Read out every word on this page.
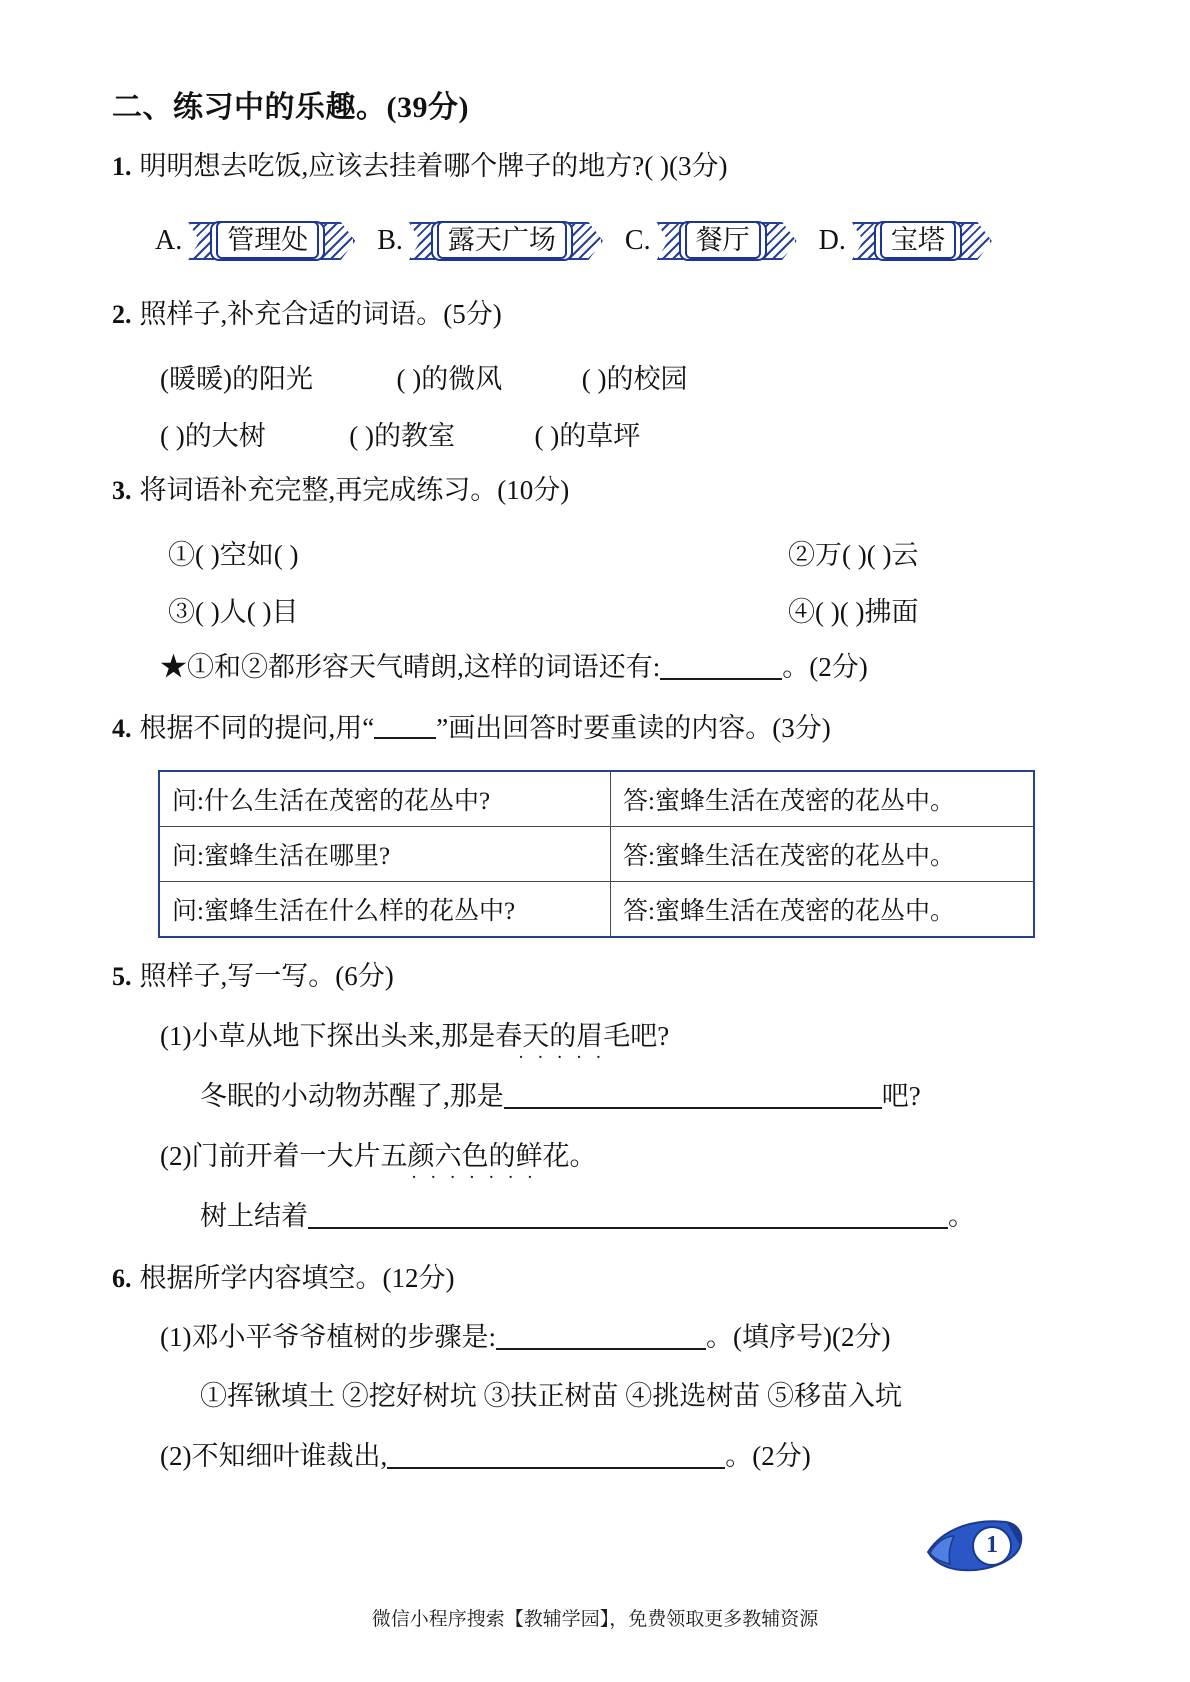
二、练习中的乐趣。(39分)
1. 明明想去吃饭,应该去挂着哪个牌子的地方?( )(3分)
A.	管理处	B.	露天广场	C.	餐厅	D.	宝塔
2. 照样子,补充合适的词语。(5分)
(暖暖)的阳光	( )的微风	( )的校园
( )的大树	( )的教室	( )的草坪
3. 将词语补充完整,再完成练习。(10分)
①( )空如( )	②万( )( )云
③( )人( )目	④( )( )拂面
★①和②都形容天气晴朗,这样的词语还有:	。(2分)
4. 根据不同的提问,用“ ”画出回答时要重读的内容。(3分)
问:什么生活在茂密的花丛中?	答:蜜蜂生活在茂密的花丛中。
问:蜜蜂生活在哪里?	答:蜜蜂生活在茂密的花丛中。
问:蜜蜂生活在什么样的花丛中?	答:蜜蜂生活在茂密的花丛中。
5. 照样子,写一写。(6分)
(1)小草从地下探出头来,那是春天的眉毛 ·····吧?
冬眠的小动物苏醒了,那是	吧?
(2)门前开着一大片五颜六色的鲜花 ·······。
树上结着	。
6. 根据所学内容填空。(12分)
(1)邓小平爷爷植树的步骤是:	。(填序号)(2分)
①挥锹填土 ②挖好树坑 ③扶正树苗 ④挑选树苗 ⑤移苗入坑
(2)不知细叶谁裁出,	。(2分)
1
微信小程序搜索【教辅学园】，免费领取更多教辅资源
